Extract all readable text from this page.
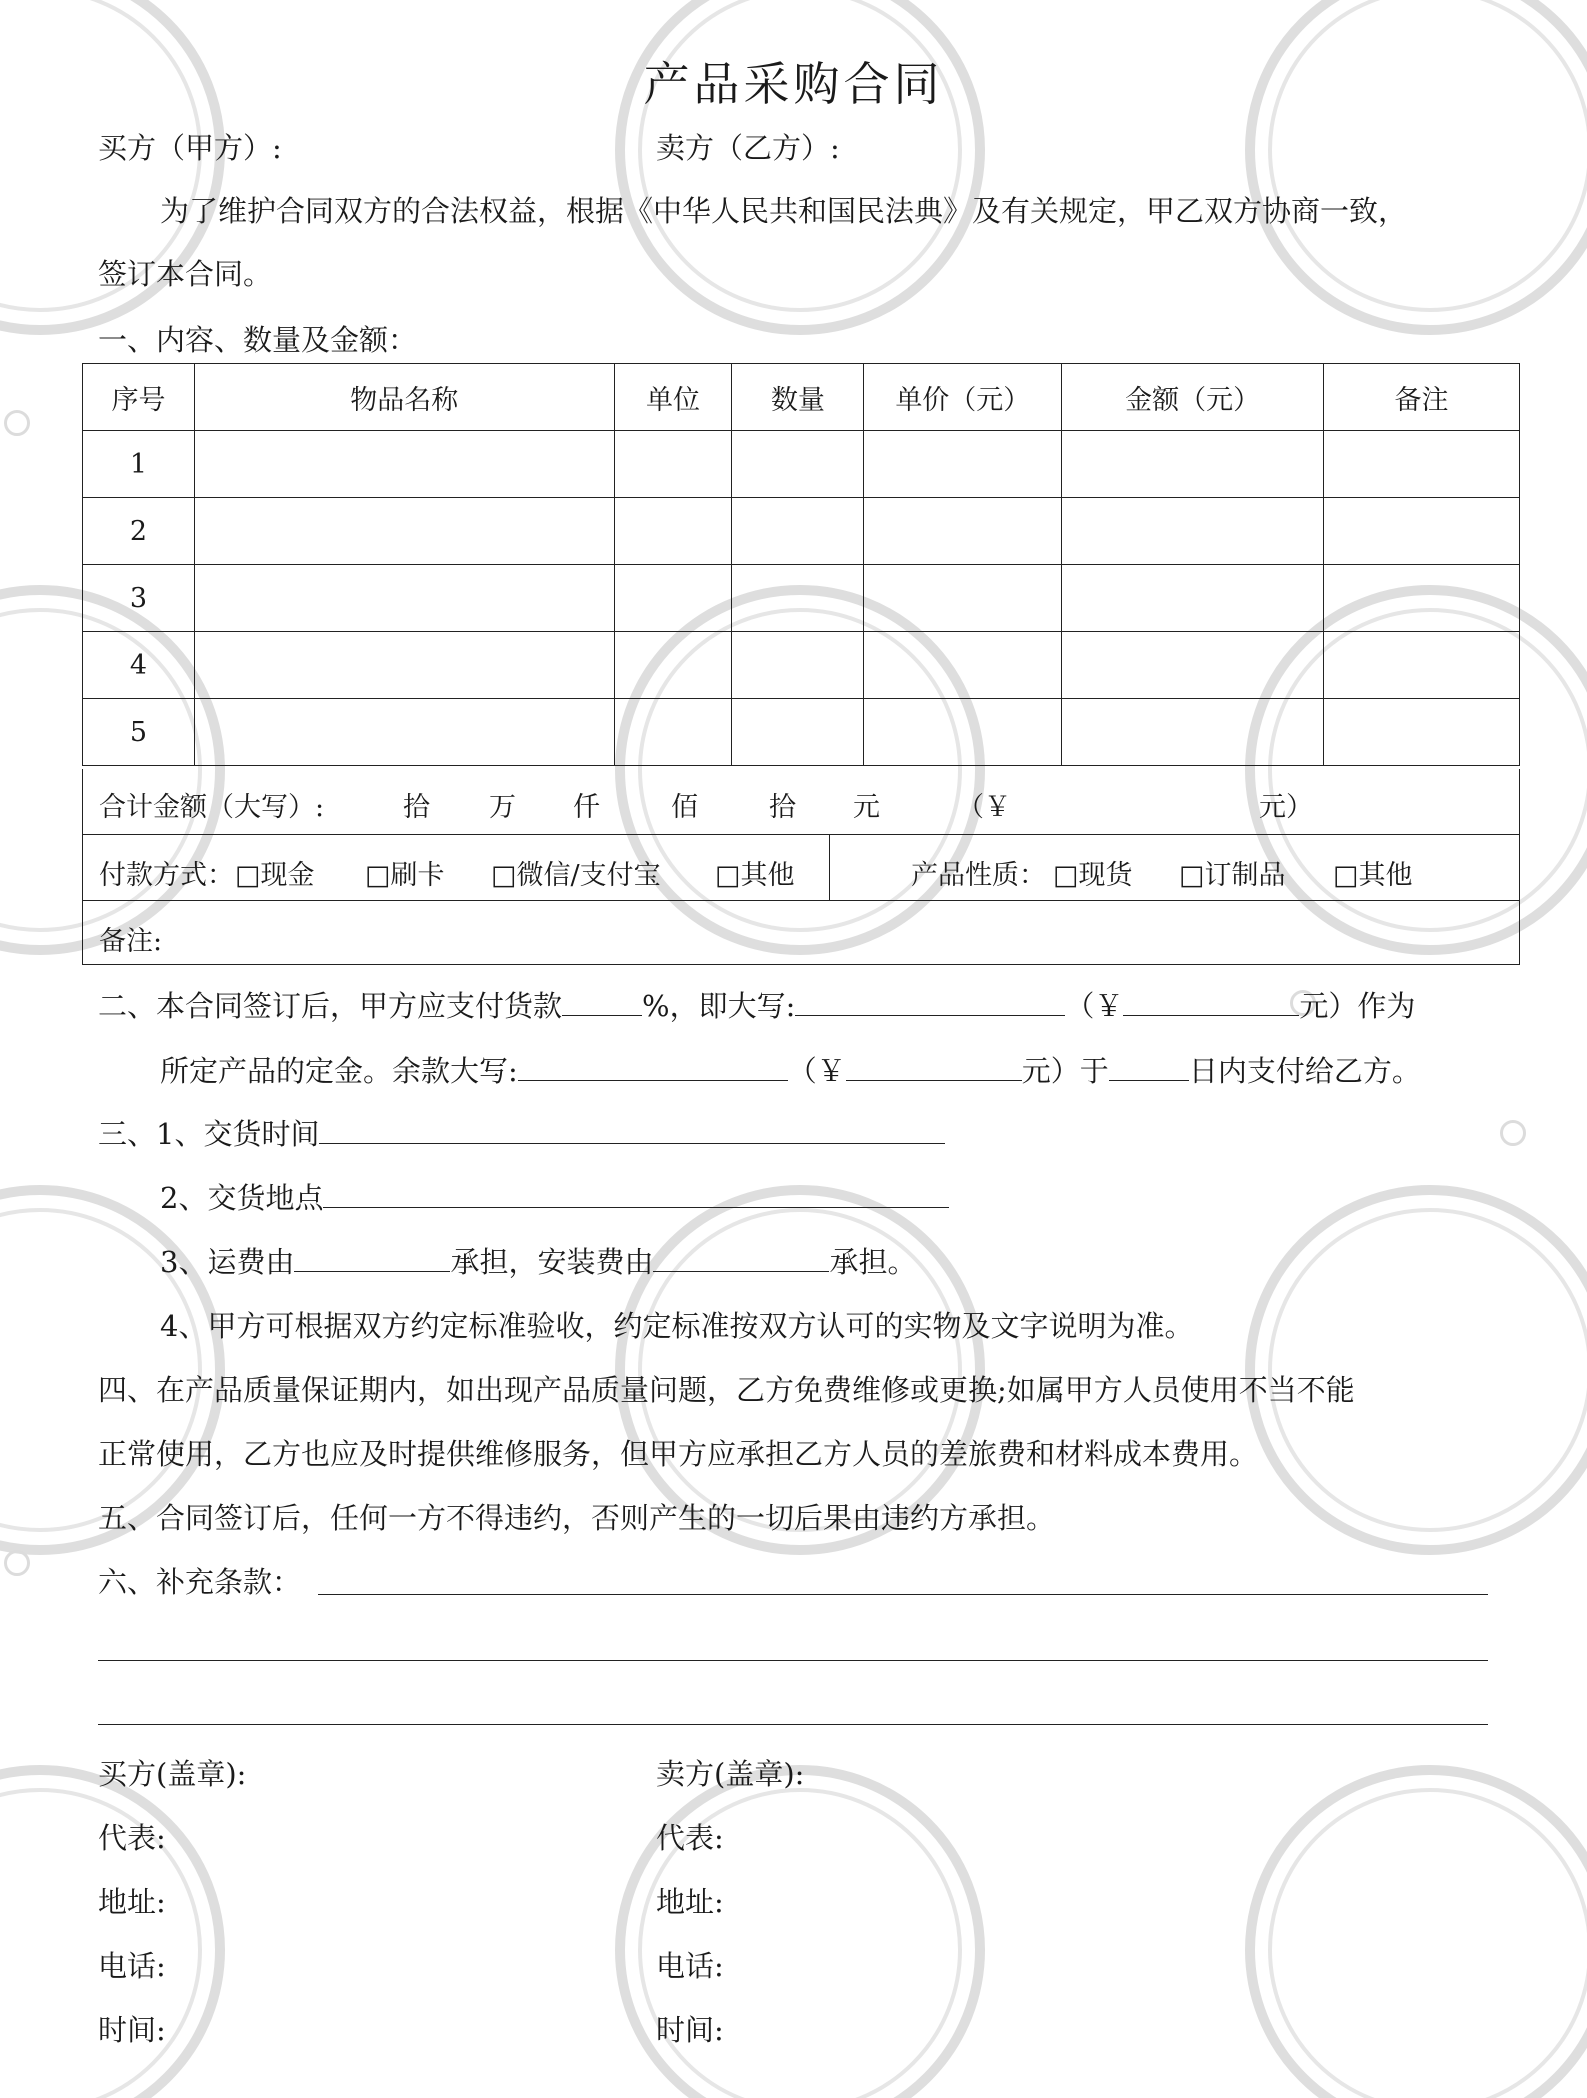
产品采购合同
买方（甲方）:	卖方（乙方）:
为了维护合同双方的合法权益，根据《中华人民共和国民法典》及有关规定，甲乙双方协商一致，
签订本合同。
一、内容、数量及金额：
序号	物品名称	单位	数量	单价（元）	金额（元）	备注
1						
2						
3						
4						
5						
合计金额（大写）:	拾 万 仟	佰	拾 元	（￥	元）
付款方式： □现金 □刷卡 □微信/支付宝 □其他	产品性质： □现货 □订制品 □其他
备注:
二、本合同签订后，甲方应支付货款	%，即大写:	（￥	元）作为
所定产品的定金。余款大写:	（￥	元）于	日内支付给乙方。
三、1、交货时间
2、交货地点
3、运费由	承担，安装费由	承担。
4、甲方可根据双方约定标准验收，约定标准按双方认可的实物及文字说明为准。
四、在产品质量保证期内，如出现产品质量问题，乙方免费维修或更换;如属甲方人员使用不当不能
正常使用，乙方也应及时提供维修服务，但甲方应承担乙方人员的差旅费和材料成本费用。
五、合同签订后，任何一方不得违约，否则产生的一切后果由违约方承担。
六、补充条款：
买方(盖章):	卖方(盖章):
代表:	代表:
地址:	地址:
电话:	电话:
时间:	时间:
